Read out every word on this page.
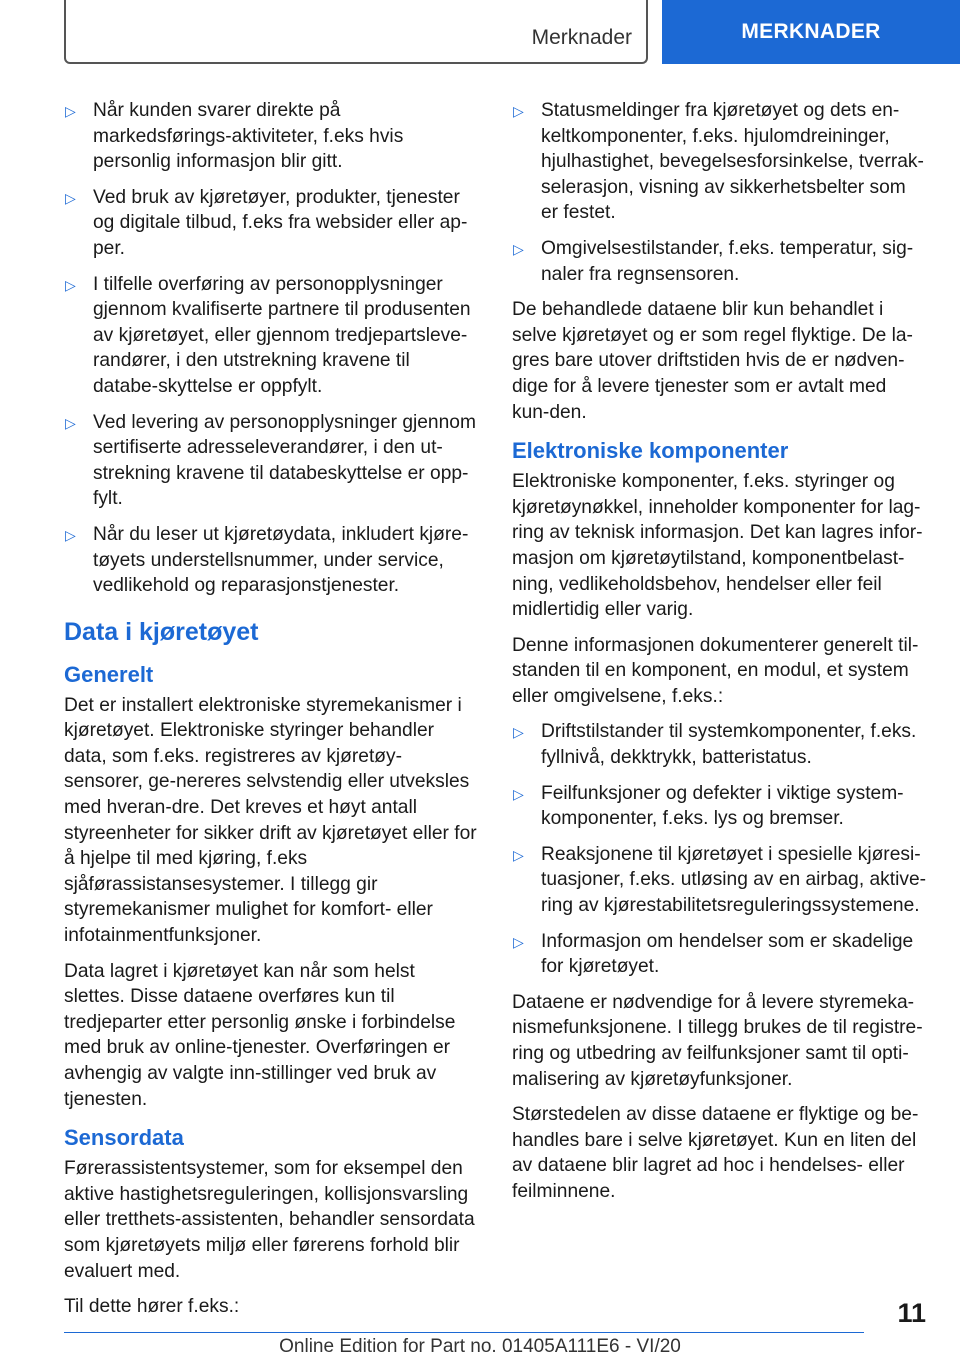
Merknader	MERKNADER
▷ Når kunden svarer direkte på markedsførings-aktiviteter, f.eks hvis personlig informasjon blir gitt.
▷ Ved bruk av kjøretøyer, produkter, tjenester og digitale tilbud, f.eks fra websider eller ap-per.
▷ I tilfelle overføring av personopplysninger gjennom kvalifiserte partnere til produsenten av kjøretøyet, eller gjennom tredjepartsleve-randører, i den utstrekning kravene til databe-skyttelse er oppfylt.
▷ Ved levering av personopplysninger gjennom sertifiserte adresseleverandører, i den ut-strekning kravene til databeskyttelse er opp-fylt.
▷ Når du leser ut kjøretøydata, inkludert kjøre-tøyets understellsnummer, under service, vedlikehold og reparasjonstjenester.
Data i kjøretøyet
Generelt

Det er installert elektroniske styremekanismer i kjøretøyet. Elektroniske styringer behandler data, som f.eks. registreres av kjøretøy-sensorer, ge-nereres selvstendig eller utveksles med hveran-dre. Det kreves et høyt antall styreenheter for sikker drift av kjøretøyet eller for å hjelpe til med kjøring, f.eks sjåførassistansesystemer. I tillegg gir styremekanismer mulighet for komfort- eller infotainmentfunksjoner.

Data lagret i kjøretøyet kan når som helst slettes. Disse dataene overføres kun til tredjeparter etter personlig ønske i forbindelse med bruk av online-tjenester. Overføringen er avhengig av valgte inn-stillinger ved bruk av tjenesten.

Sensordata

Førerassistentsystemer, som for eksempel den aktive hastighetsreguleringen, kollisjonsvarsling eller tretthets-assistenten, behandler sensordata som kjøretøyets miljø eller førerens forhold blir evaluert med.

Til dette hører f.eks.:

▷ Statusmeldinger fra kjøretøyet og dets en-keltkomponenter, f.eks. hjulomdreininger, hjulhastighet, bevegelsesforsinkelse, tverrak-selerasjon, visning av sikkerhetsbelter som er festet.
▷ Omgivelsestilstander, f.eks. temperatur, sig-naler fra regnsensoren.

De behandlede dataene blir kun behandlet i selve kjøretøyet og er som regel flyktige. De la-gres bare utover driftstiden hvis de er nødven-dige for å levere tjenester som er avtalt med kun-den.

Elektroniske komponenter

Elektroniske komponenter, f.eks. styringer og kjøretøynøkkel, inneholder komponenter for lag-ring av teknisk informasjon. Det kan lagres infor-masjon om kjøretøytilstand, komponentbelast-ning, vedlikeholdsbehov, hendelser eller feil midlertidig eller varig.

Denne informasjonen dokumenterer generelt til-standen til en komponent, en modul, et system eller omgivelsene, f.eks.:

▷ Driftstilstander til systemkomponenter, f.eks. fyllnivå, dekktrykk, batteristatus.
▷ Feilfunksjoner og defekter i viktige system-komponenter, f.eks. lys og bremser.
▷ Reaksjonene til kjøretøyet i spesielle kjøresi-tuasjoner, f.eks. utløsing av en airbag, aktive-ring av kjørestabilitetsreguleringssystemene.
▷ Informasjon om hendelser som er skadelige for kjøretøyet.

Dataene er nødvendige for å levere styremeka-nismefunksjonene. I tillegg brukes de til registre-ring og utbedring av feilfunksjoner samt til opti-malisering av kjøretøyfunksjoner.

Størstedelen av disse dataene er flyktige og be-handles bare i selve kjøretøyet. Kun en liten del av dataene blir lagret ad hoc i hendelses- eller feilminnene.

11
Online Edition for Part no. 01405A111E6 - VI/20
